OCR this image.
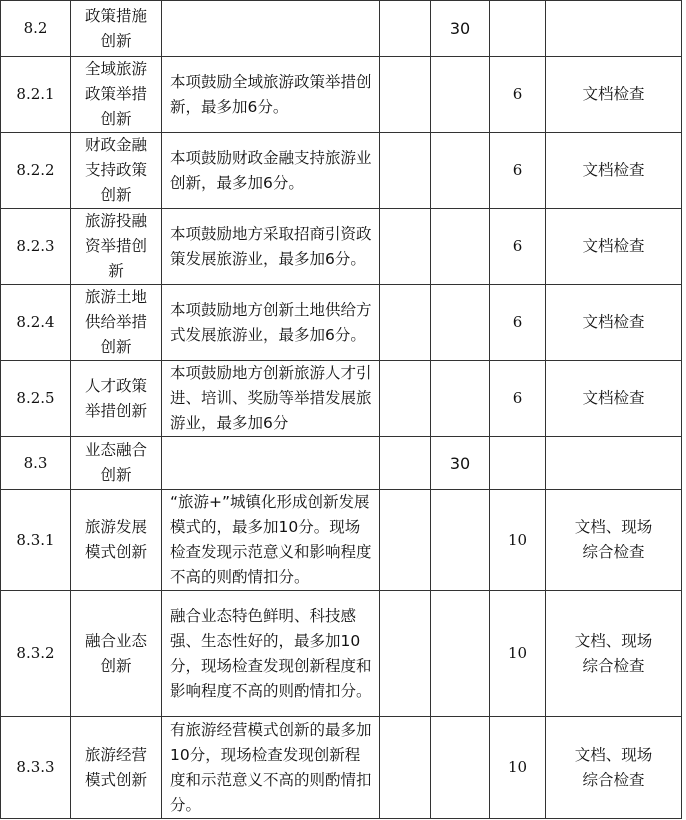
8.2	政策措施创新			30		
8.2.1	全域旅游政策举措创新	本项鼓励全域旅游政策举措创新，最多加6分。			6	文档检查
8.2.2	财政金融支持政策创新	本项鼓励财政金融支持旅游业创新，最多加6分。			6	文档检查
8.2.3	旅游投融资举措创新	本项鼓励地方采取招商引资政策发展旅游业，最多加6分。			6	文档检查
8.2.4	旅游土地供给举措创新	本项鼓励地方创新土地供给方式发展旅游业，最多加6分。			6	文档检查
8.2.5	人才政策举措创新	本项鼓励地方创新旅游人才引进、培训、奖励等举措发展旅游业，最多加6分			6	文档检查
8.3	业态融合创新			30		
8.3.1	旅游发展模式创新	“旅游+”城镇化形成创新发展模式的，最多加10分。现场检查发现示范意义和影响程度不高的则酌情扣分。			10	文档、现场综合检查
8.3.2	融合业态创新	融合业态特色鲜明、科技感强、生态性好的，最多加10分，现场检查发现创新程度和影响程度不高的则酌情扣分。			10	文档、现场综合检查
8.3.3	旅游经营模式创新	有旅游经营模式创新的最多加10分，现场检查发现创新程度和示范意义不高的则酌情扣分。			10	文档、现场综合检查
